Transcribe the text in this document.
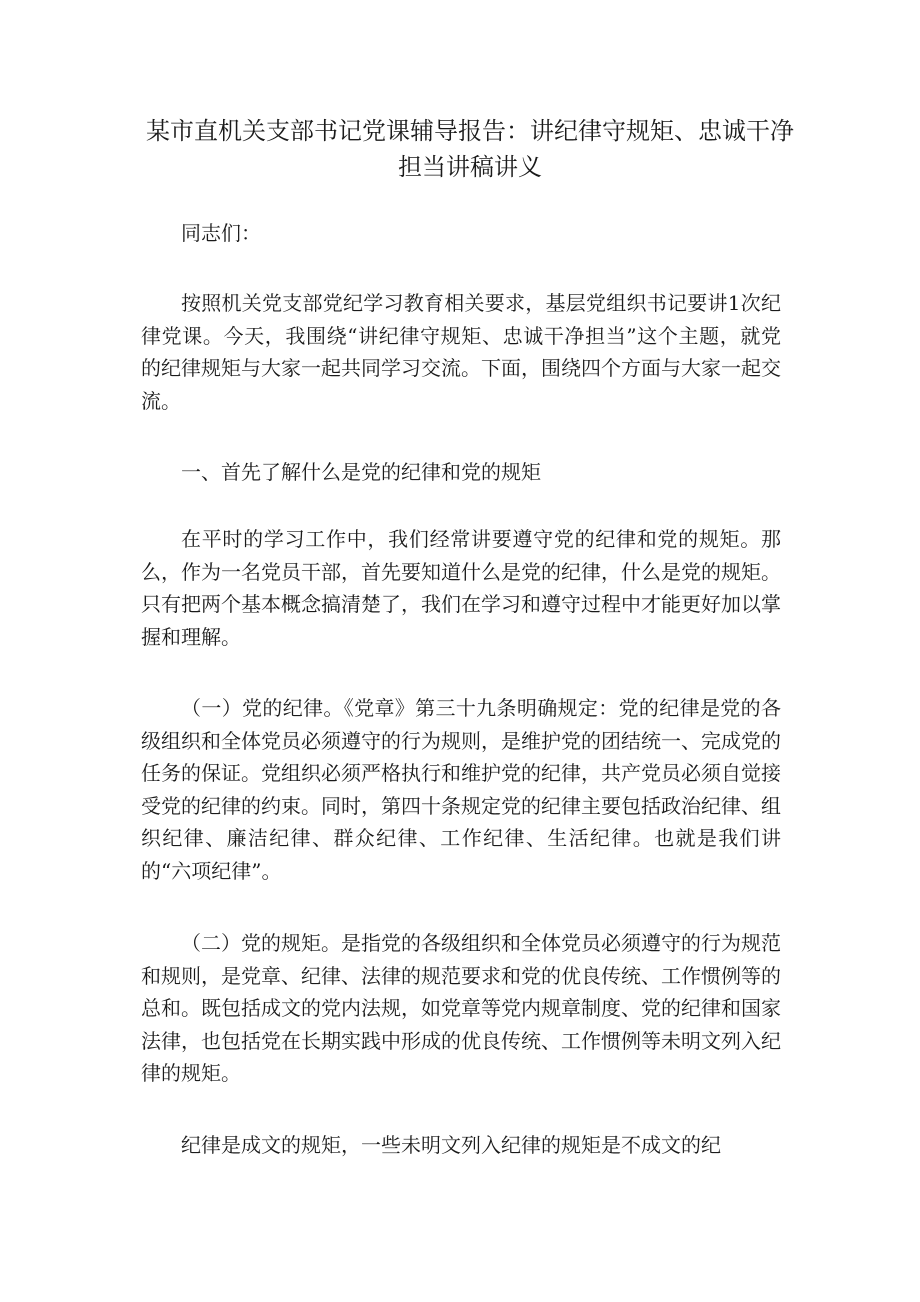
某市直机关支部书记党课辅导报告：讲纪律守规矩、忠诚干净担当讲稿讲义

同志们：

按照机关党支部党纪学习教育相关要求，基层党组织书记要讲1次纪律党课。今天，我围绕“讲纪律守规矩、忠诚干净担当”这个主题，就党的纪律规矩与大家一起共同学习交流。下面，围绕四个方面与大家一起交流。

一、首先了解什么是党的纪律和党的规矩

在平时的学习工作中，我们经常讲要遵守党的纪律和党的规矩。那么，作为一名党员干部，首先要知道什么是党的纪律，什么是党的规矩。只有把两个基本概念搞清楚了，我们在学习和遵守过程中才能更好加以掌握和理解。

（一）党的纪律。《党章》第三十九条明确规定：党的纪律是党的各级组织和全体党员必须遵守的行为规则，是维护党的团结统一、完成党的任务的保证。党组织必须严格执行和维护党的纪律，共产党员必须自觉接受党的纪律的约束。同时，第四十条规定党的纪律主要包括政治纪律、组织纪律、廉洁纪律、群众纪律、工作纪律、生活纪律。也就是我们讲的“六项纪律”。

（二）党的规矩。是指党的各级组织和全体党员必须遵守的行为规范和规则，是党章、纪律、法律的规范要求和党的优良传统、工作惯例等的总和。既包括成文的党内法规，如党章等党内规章制度、党的纪律和国家法律，也包括党在长期实践中形成的优良传统、工作惯例等未明文列入纪律的规矩。

纪律是成文的规矩，一些未明文列入纪律的规矩是不成文的纪
